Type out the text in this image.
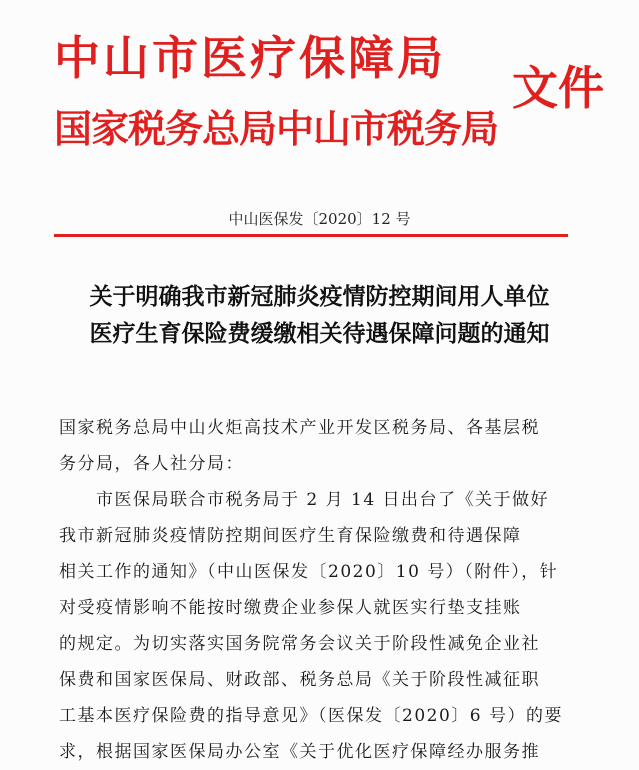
中山市医疗保障局
国家税务总局中山市税务局
文件
中山医保发〔2020〕12 号
关于明确我市新冠肺炎疫情防控期间用人单位
医疗生育保险费缓缴相关待遇保障问题的通知
国家税务总局中山火炬高技术产业开发区税务局、各基层税
务分局，各人社分局：
　　市医保局联合市税务局于 2 月 14 日出台了《关于做好
我市新冠肺炎疫情防控期间医疗生育保险缴费和待遇保障
相关工作的通知》（中山医保发〔2020〕10 号）（附件），针
对受疫情影响不能按时缴费企业参保人就医实行垫支挂账
的规定。为切实落实国务院常务会议关于阶段性减免企业社
保费和国家医保局、财政部、税务总局《关于阶段性减征职
工基本医疗保险费的指导意见》（医保发〔2020〕6 号）的要
求，根据国家医保局办公室《关于优化医疗保障经办服务推
